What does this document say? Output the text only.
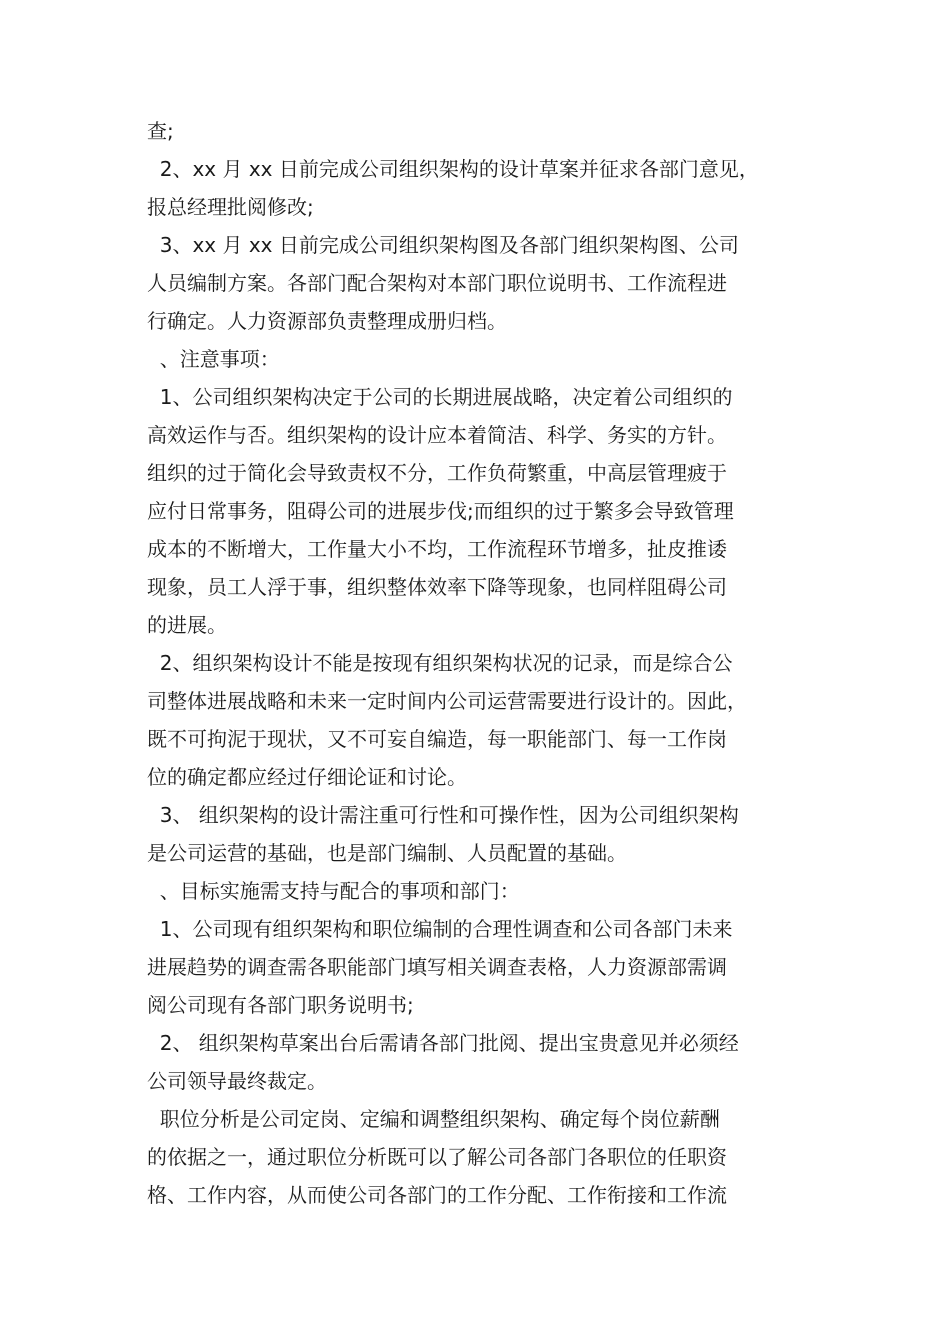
查;
2、xx 月 xx 日前完成公司组织架构的设计草案并征求各部门意见，
报总经理批阅修改;
3、xx 月 xx 日前完成公司组织架构图及各部门组织架构图、公司
人员编制方案。各部门配合架构对本部门职位说明书、工作流程进
行确定。人力资源部负责整理成册归档。
、注意事项：
1、公司组织架构决定于公司的长期进展战略，决定着公司组织的
高效运作与否。组织架构的设计应本着简洁、科学、务实的方针。
组织的过于简化会导致责权不分，工作负荷繁重，中高层管理疲于
应付日常事务，阻碍公司的进展步伐;而组织的过于繁多会导致管理
成本的不断增大，工作量大小不均，工作流程环节增多，扯皮推诿
现象，员工人浮于事，组织整体效率下降等现象，也同样阻碍公司
的进展。
2、组织架构设计不能是按现有组织架构状况的记录，而是综合公
司整体进展战略和未来一定时间内公司运营需要进行设计的。因此，
既不可拘泥于现状，又不可妄自编造，每一职能部门、每一工作岗
位的确定都应经过仔细论证和讨论。
3、 组织架构的设计需注重可行性和可操作性，因为公司组织架构
是公司运营的基础，也是部门编制、人员配置的基础。
、目标实施需支持与配合的事项和部门：
1、公司现有组织架构和职位编制的合理性调查和公司各部门未来
进展趋势的调查需各职能部门填写相关调查表格，人力资源部需调
阅公司现有各部门职务说明书;
2、 组织架构草案出台后需请各部门批阅、提出宝贵意见并必须经
公司领导最终裁定。
职位分析是公司定岗、定编和调整组织架构、确定每个岗位薪酬
的依据之一，通过职位分析既可以了解公司各部门各职位的任职资
格、工作内容，从而使公司各部门的工作分配、工作衔接和工作流
